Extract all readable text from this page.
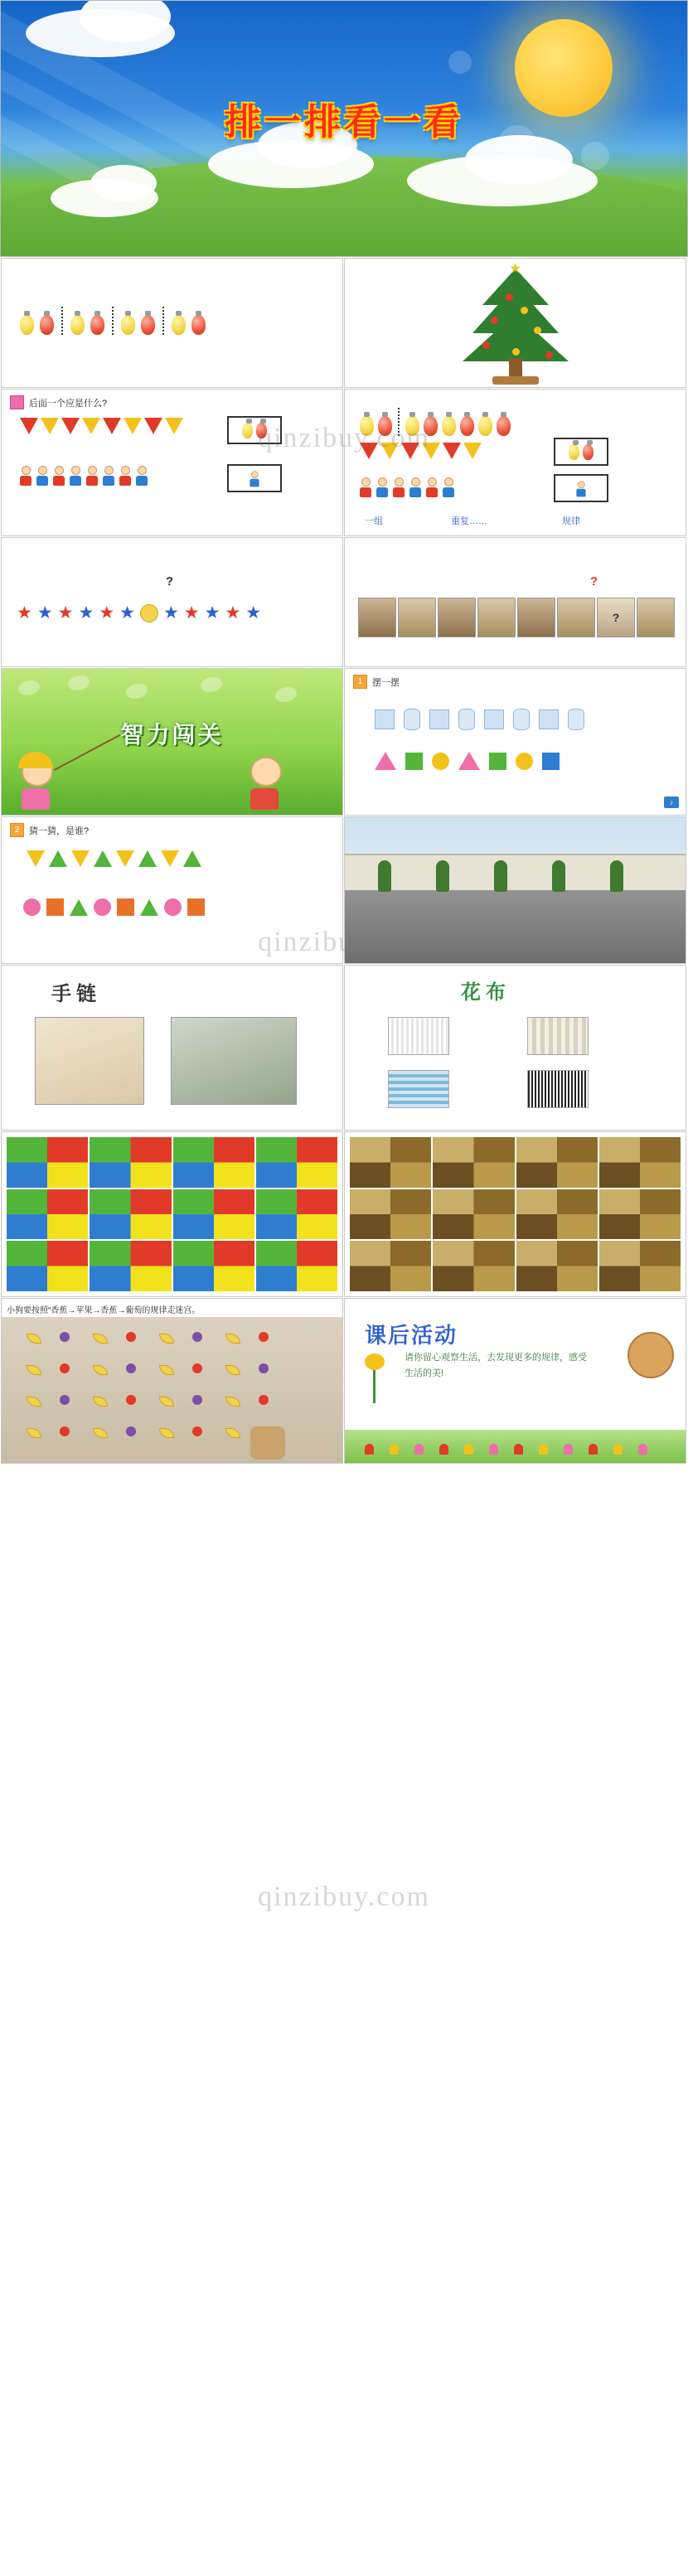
排一排看一看
★
后面一个应是什么?
一组	重复……	规律
?
★ ★ ★ ★ ★ ★ ★ ★ ★ ★ ★
?
?
智力闯关
1	摆一摆
♪
2	猜一猜，是谁?
手链	花布
小狗要按照“香蕉→苹果→香蕉→葡萄的规律走迷宫。
课后活动
请你留心观察生活，去发现更多的规律，感受生活的美!
qinzibuy.com
qinzibuy.com
qinzibuy.com
